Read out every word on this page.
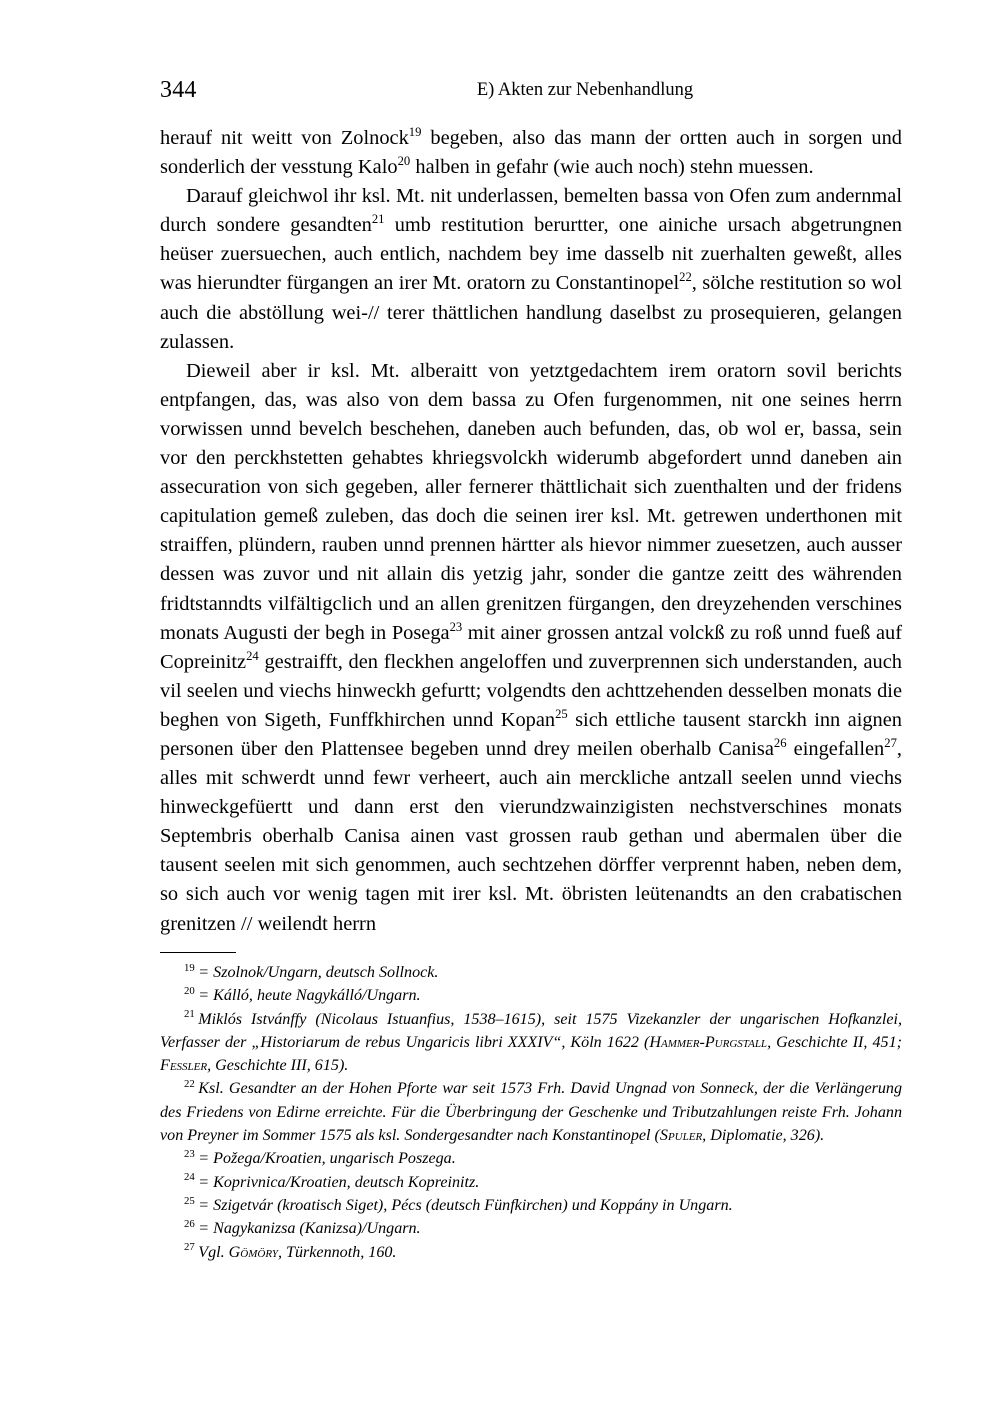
344	E) Akten zur Nebenhandlung

herauf nit weitt von Zolnock$^{19}$ begeben, also das mann der ortten auch in sorgen und sonderlich der vesstung Kalo$^{20}$ halben in gefahr (wie auch noch) stehn muessen.

Darauf gleichwol ihr ksl. Mt. nit underlassen, bemelten bassa von Ofen zum andernmal durch sondere gesandten$^{21}$ umb restitution berurtter, one ainiche ursach abgetrungnen heüser zuersuechen, auch entlich, nachdem bey ime dasselb nit zuerhalten geweßt, alles was hierundter fürgangen an irer Mt. oratorn zu Constantinopel$^{22}$, sölche restitution so wol auch die abstöllung wei-// terer thättlichen handlung daselbst zu prosequieren, gelangen zulassen.

Dieweil aber ir ksl. Mt. alberaitt von yetztgedachtem irem oratorn sovil berichts entpfangen, das, was also von dem bassa zu Ofen furgenommen, nit one seines herrn vorwissen unnd bevelch beschehen, daneben auch befunden, das, ob wol er, bassa, sein vor den perckhstetten gehabtes khriegsvolckh widerumb abgefordert unnd daneben ain assecuration von sich gegeben, aller fernerer thättlichait sich zuenthalten und der fridens capitulation gemeß zuleben, das doch die seinen irer ksl. Mt. getrewen underthonen mit straiffen, plündern, rauben unnd prennen härtter als hievor nimmer zuesetzen, auch ausser dessen was zuvor und nit allain dis yetzig jahr, sonder die gantze zeitt des währenden fridtstanndts vilfältigclich und an allen grenitzen fürgangen, den dreyzehenden verschines monats Augusti der begh in Posega$^{23}$ mit ainer grossen antzal volckß zu roß unnd fueß auf Copreinitz$^{24}$ gestraifft, den fleckhen angeloffen und zuverprennen sich understanden, auch vil seelen und viechs hinweckh gefurtt; volgendts den achttzehenden desselben monats die beghen von Sigeth, Funffkhirchen unnd Kopan$^{25}$ sich ettliche tausent starckh inn aignen personen über den Plattensee begeben unnd drey meilen oberhalb Canisa$^{26}$ eingefallen$^{27}$, alles mit schwerdt unnd fewr verheert, auch ain merckliche antzall seelen unnd viechs hinweckgefüertt und dann erst den vierundzwainzigisten nechstverschines monats Septembris oberhalb Canisa ainen vast grossen raub gethan und abermalen über die tausent seelen mit sich genommen, auch sechtzehen dörffer verprennt haben, neben dem, so sich auch vor wenig tagen mit irer ksl. Mt. öbristen leütenandts an den crabatischen grenitzen // weilendt herrn

$^{19}$ = Szolnok/Ungarn, deutsch Sollnock.

$^{20}$ = Kálló, heute Nagykálló/Ungarn.

$^{21}$ Miklós Istvánffy (Nicolaus Istuanfius, 1538–1615), seit 1575 Vizekanzler der ungarischen Hofkanzlei, Verfasser der „Historiarum de rebus Ungaricis libri XXXIV“, Köln 1622 (Hammer-Purgstall, Geschichte II, 451; Fessler, Geschichte III, 615).

$^{22}$ Ksl. Gesandter an der Hohen Pforte war seit 1573 Frh. David Ungnad von Sonneck, der die Verlängerung des Friedens von Edirne erreichte. Für die Überbringung der Geschenke und Tributzahlungen reiste Frh. Johann von Preyner im Sommer 1575 als ksl. Sondergesandter nach Konstantinopel (Spuler, Diplomatie, 326).

$^{23}$ = Požega/Kroatien, ungarisch Poszega.

$^{24}$ = Koprivnica/Kroatien, deutsch Kopreinitz.

$^{25}$ = Szigetvár (kroatisch Siget), Pécs (deutsch Fünfkirchen) und Koppány in Ungarn.

$^{26}$ = Nagykanizsa (Kanizsa)/Ungarn.

$^{27}$ Vgl. Gömöry, Türkennoth, 160.
